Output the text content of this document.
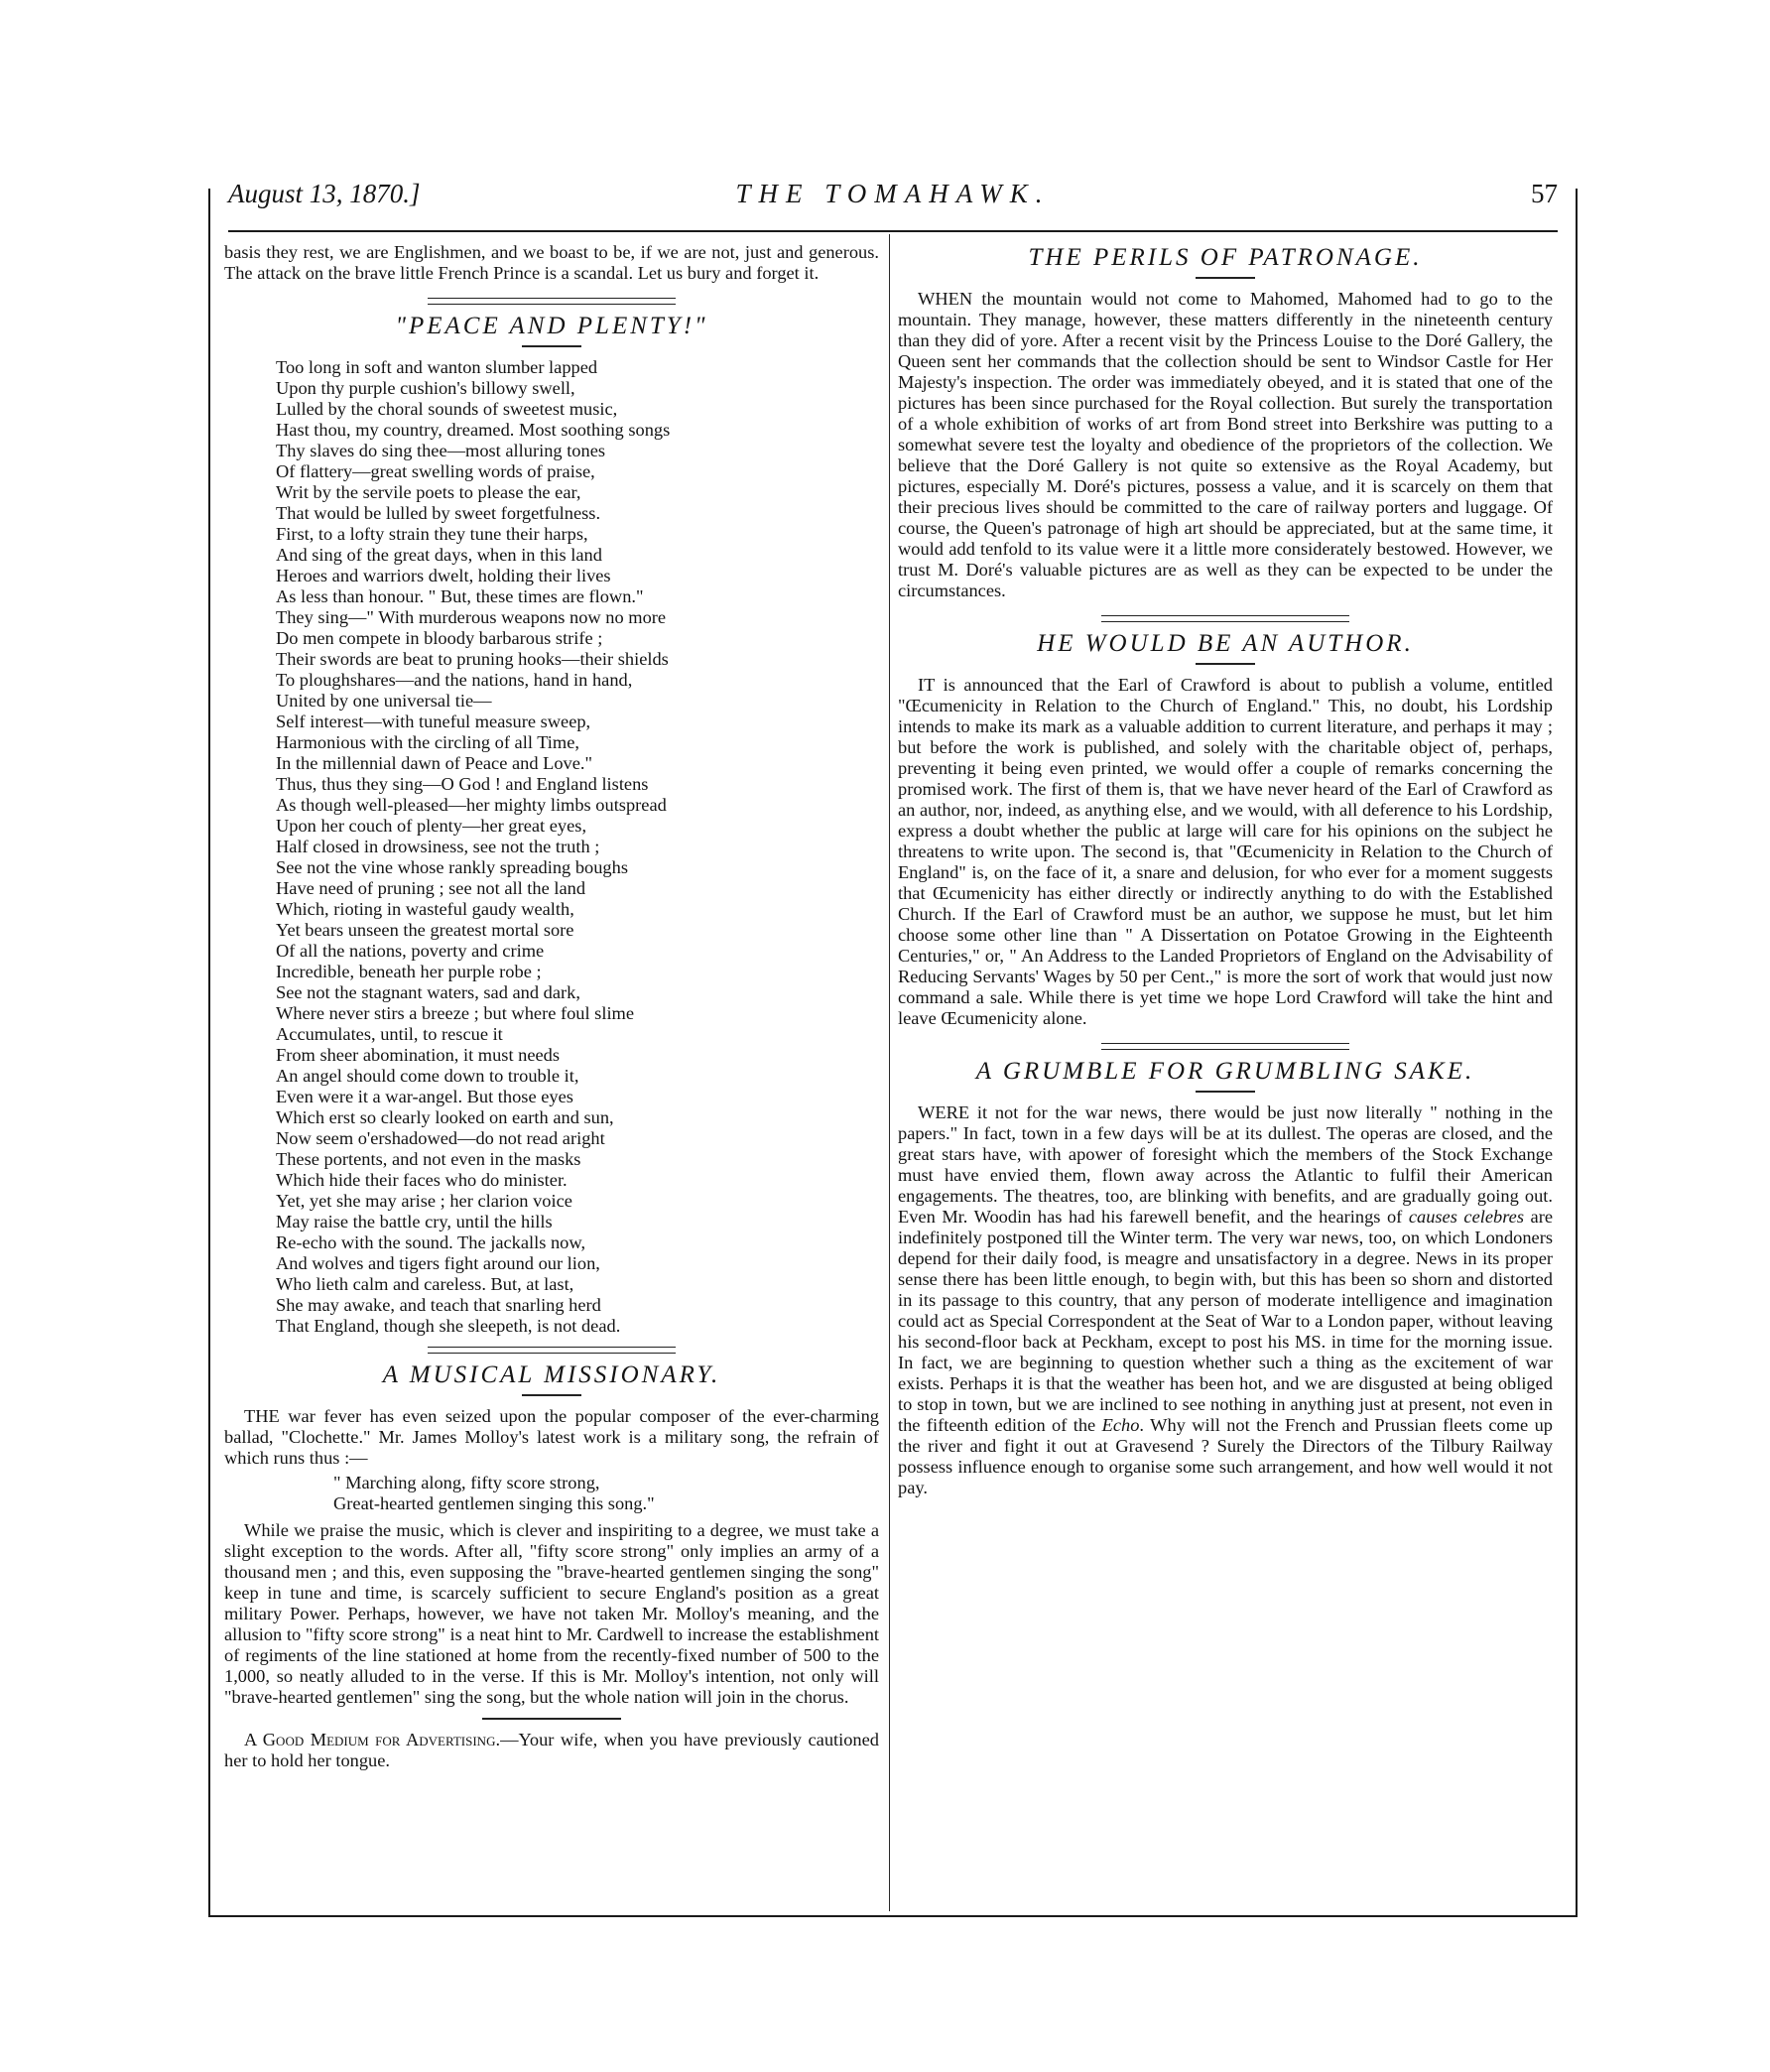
August 13, 1870.]	THE TOMAHAWK.	57

basis they rest, we are Englishmen, and we boast to be, if we are not, just and generous. The attack on the brave little French Prince is a scandal. Let us bury and forget it.

"PEACE AND PLENTY!"
Too long in soft and wanton slumber lapped
Upon thy purple cushion's billowy swell,
Lulled by the choral sounds of sweetest music,
Hast thou, my country, dreamed. Most soothing songs
Thy slaves do sing thee—most alluring tones
Of flattery—great swelling words of praise,
Writ by the servile poets to please the ear,
That would be lulled by sweet forgetfulness.
First, to a lofty strain they tune their harps,
And sing of the great days, when in this land
Heroes and warriors dwelt, holding their lives
As less than honour. " But, these times are flown."
They sing—" With murderous weapons now no more
Do men compete in bloody barbarous strife ;
Their swords are beat to pruning hooks—their shields
To ploughshares—and the nations, hand in hand,
United by one universal tie—
Self interest—with tuneful measure sweep,
Harmonious with the circling of all Time,
In the millennial dawn of Peace and Love."
Thus, thus they sing—O God ! and England listens
As though well-pleased—her mighty limbs outspread
Upon her couch of plenty—her great eyes,
Half closed in drowsiness, see not the truth ;
See not the vine whose rankly spreading boughs
Have need of pruning ; see not all the land
Which, rioting in wasteful gaudy wealth,
Yet bears unseen the greatest mortal sore
Of all the nations, poverty and crime
Incredible, beneath her purple robe ;
See not the stagnant waters, sad and dark,
Where never stirs a breeze ; but where foul slime
Accumulates, until, to rescue it
From sheer abomination, it must needs
An angel should come down to trouble it,
Even were it a war-angel. But those eyes
Which erst so clearly looked on earth and sun,
Now seem o'ershadowed—do not read aright
These portents, and not even in the masks
Which hide their faces who do minister.
Yet, yet she may arise ; her clarion voice
May raise the battle cry, until the hills
Re-echo with the sound. The jackalls now,
And wolves and tigers fight around our lion,
Who lieth calm and careless. But, at last,
She may awake, and teach that snarling herd
That England, though she sleepeth, is not dead.
A MUSICAL MISSIONARY.

THE war fever has even seized upon the popular composer of the ever-charming ballad, "Clochette." Mr. James Molloy's latest work is a military song, the refrain of which runs thus :—

" Marching along, fifty score strong,
Great-hearted gentlemen singing this song."

While we praise the music, which is clever and inspiriting to a degree, we must take a slight exception to the words. After all, "fifty score strong" only implies an army of a thousand men ; and this, even supposing the "brave-hearted gentlemen singing the song" keep in tune and time, is scarcely sufficient to secure England's position as a great military Power. Perhaps, however, we have not taken Mr. Molloy's meaning, and the allusion to "fifty score strong" is a neat hint to Mr. Cardwell to increase the establishment of regiments of the line stationed at home from the recently-fixed number of 500 to the 1,000, so neatly alluded to in the verse. If this is Mr. Molloy's intention, not only will "brave-hearted gentlemen" sing the song, but the whole nation will join in the chorus.

A Good Medium for Advertising.—Your wife, when you have previously cautioned her to hold her tongue.

THE PERILS OF PATRONAGE.

WHEN the mountain would not come to Mahomed, Mahomed had to go to the mountain. They manage, however, these matters differently in the nineteenth century than they did of yore. After a recent visit by the Princess Louise to the Doré Gallery, the Queen sent her commands that the collection should be sent to Windsor Castle for Her Majesty's inspection. The order was immediately obeyed, and it is stated that one of the pictures has been since purchased for the Royal collection. But surely the transportation of a whole exhibition of works of art from Bond street into Berkshire was putting to a somewhat severe test the loyalty and obedience of the proprietors of the collection. We believe that the Doré Gallery is not quite so extensive as the Royal Academy, but pictures, especially M. Doré's pictures, possess a value, and it is scarcely on them that their precious lives should be committed to the care of railway porters and luggage. Of course, the Queen's patronage of high art should be appreciated, but at the same time, it would add tenfold to its value were it a little more considerately bestowed. However, we trust M. Doré's valuable pictures are as well as they can be expected to be under the circumstances.

HE WOULD BE AN AUTHOR.

IT is announced that the Earl of Crawford is about to publish a volume, entitled "Œcumenicity in Relation to the Church of England." This, no doubt, his Lordship intends to make its mark as a valuable addition to current literature, and perhaps it may ; but before the work is published, and solely with the charitable object of, perhaps, preventing it being even printed, we would offer a couple of remarks concerning the promised work. The first of them is, that we have never heard of the Earl of Crawford as an author, nor, indeed, as anything else, and we would, with all deference to his Lordship, express a doubt whether the public at large will care for his opinions on the subject he threatens to write upon. The second is, that "Œcumenicity in Relation to the Church of England" is, on the face of it, a snare and delusion, for who ever for a moment suggests that Œcumenicity has either directly or indirectly anything to do with the Established Church. If the Earl of Crawford must be an author, we suppose he must, but let him choose some other line than " A Dissertation on Potatoe Growing in the Eighteenth Centuries," or, " An Address to the Landed Proprietors of England on the Advisability of Reducing Servants' Wages by 50 per Cent.," is more the sort of work that would just now command a sale. While there is yet time we hope Lord Crawford will take the hint and leave Œcumenicity alone.

A GRUMBLE FOR GRUMBLING SAKE.

WERE it not for the war news, there would be just now literally " nothing in the papers." In fact, town in a few days will be at its dullest. The operas are closed, and the great stars have, with apower of foresight which the members of the Stock Exchange must have envied them, flown away across the Atlantic to fulfil their American engagements. The theatres, too, are blinking with benefits, and are gradually going out. Even Mr. Woodin has had his farewell benefit, and the hearings of causes celebres are indefinitely postponed till the Winter term. The very war news, too, on which Londoners depend for their daily food, is meagre and unsatisfactory in a degree. News in its proper sense there has been little enough, to begin with, but this has been so shorn and distorted in its passage to this country, that any person of moderate intelligence and imagination could act as Special Correspondent at the Seat of War to a London paper, without leaving his second-floor back at Peckham, except to post his MS. in time for the morning issue. In fact, we are beginning to question whether such a thing as the excitement of war exists. Perhaps it is that the weather has been hot, and we are disgusted at being obliged to stop in town, but we are inclined to see nothing in anything just at present, not even in the fifteenth edition of the Echo. Why will not the French and Prussian fleets come up the river and fight it out at Gravesend ? Surely the Directors of the Tilbury Railway possess influence enough to organise some such arrangement, and how well would it not pay.
